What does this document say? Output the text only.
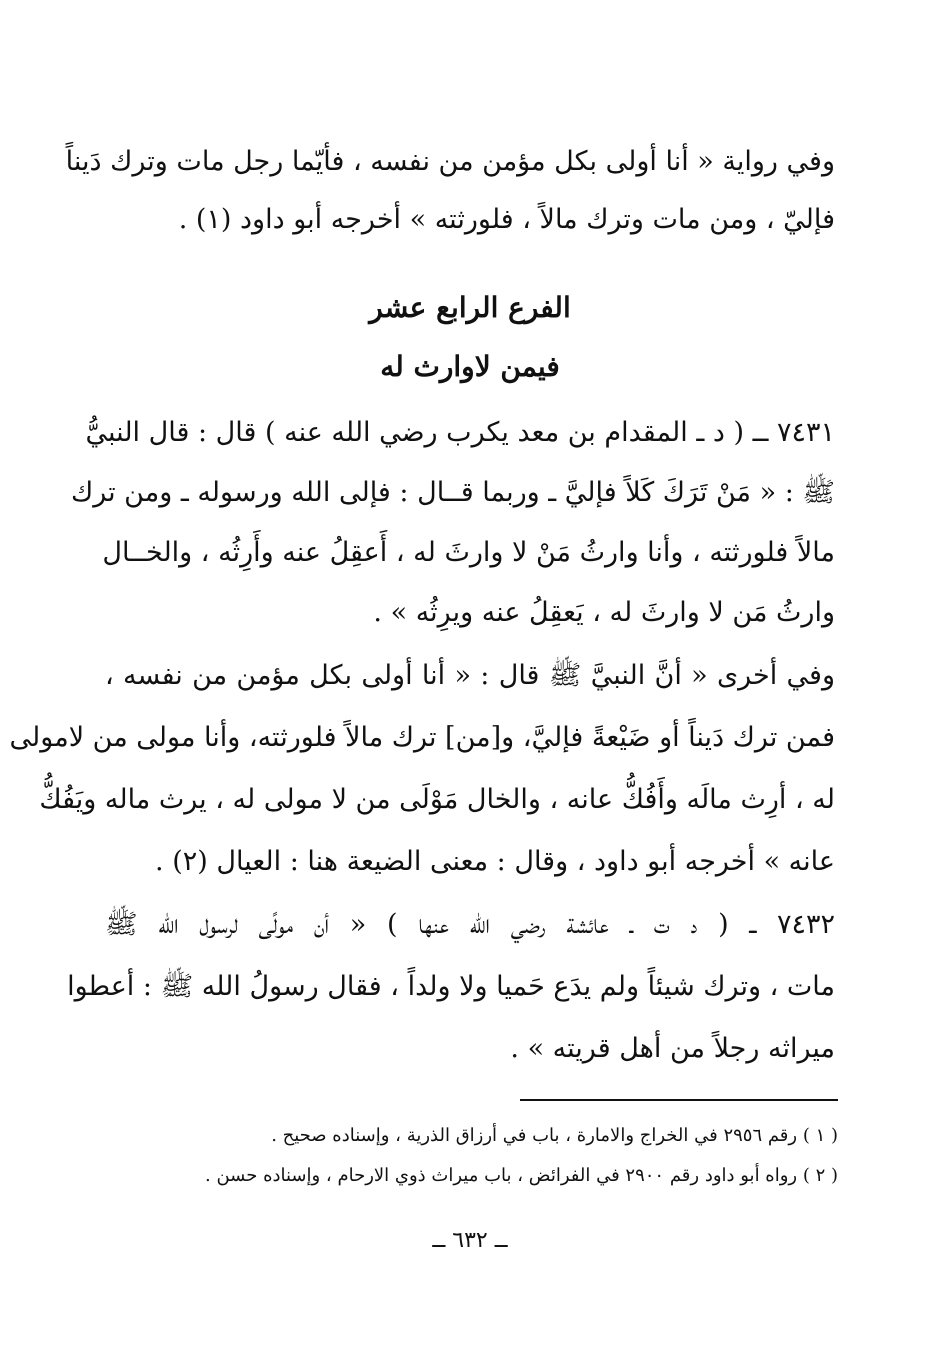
وفي رواية « أنا أولى بكل مؤمن من نفسه ، فأيّما رجل مات وترك دَيناً
فإليّ ، ومن مات وترك مالاً ، فلورثته » أخرجه أبو داود (١) .
الفرع الرابع عشر
فيمن لاوارث له
٧٤٣١ ــ ( د ـ المقدام بن معد يكرب رضي الله عنه ) قال : قال النبيُّ
ﷺ : « مَنْ تَرَكَ كَلاً فإليَّ ـ وربما قــال : فإلى الله ورسوله ـ ومن ترك
مالاً فلورثته ، وأنا وارثُ مَنْ لا وارثَ له ، أَعقِلُ عنه وأَرِثُه ، والخــال
وارثُ مَن لا وارثَ له ، يَعقِلُ عنه ويرِثُه » .
وفي أخرى « أنَّ النبيَّ ﷺ قال : « أنا أولى بكل مؤمن من نفسه ،
فمن ترك دَيناً أو ضَيْعةً فإليَّ، و[من] ترك مالاً فلورثته، وأنا مولى من لامولى
له ، أرِث مالَه وأَفُكُّ عانه ، والخال مَوْلَى من لا مولى له ، يرث ماله ويَفُكُّ
عانه » أخرجه أبو داود ، وقال : معنى الضيعة هنا : العيال (٢) .
٧٤٣٢ ــ ( د ت ـ عائشة رضي الله عنها ) « أن مولًى لرسول الله ﷺ
مات ، وترك شيئاً ولم يدَع حَميا ولا ولداً ، فقال رسولُ الله ﷺ : أعطوا
ميراثه رجلاً من أهل قريته » .
( ١ ) رقم ٢٩٥٦ في الخراج والامارة ، باب في أرزاق الذرية ، وإسناده صحيح .
( ٢ ) رواه أبو داود رقم ٢٩٠٠ في الفرائض ، باب ميراث ذوي الارحام ، وإسناده حسن .
ــ ٦٣٢ ــ
